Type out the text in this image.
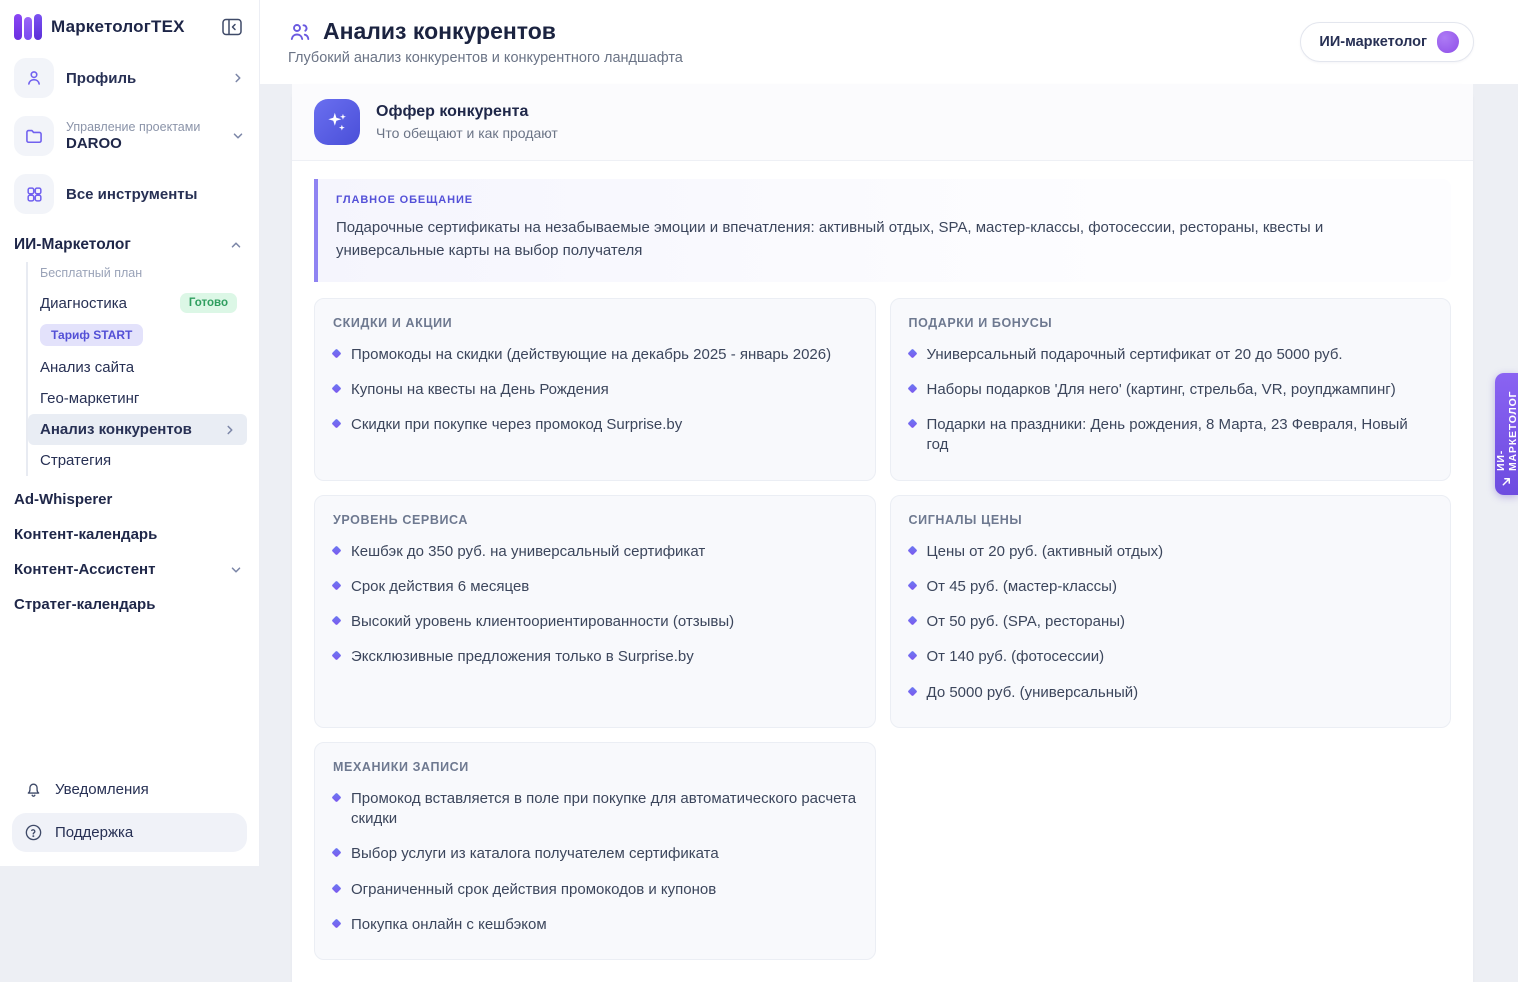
МаркетологТЕХ
Профиль
Управление проектами
DAROO
Все инструменты
ИИ-Маркетолог
Бесплатный план
Диагностика	Готово
Тариф START
Анализ сайта
Гео-маркетинг
Анализ конкурентов
Стратегия
Ad-Whisperer
Контент-календарь
Контент-Ассистент
Стратег-календарь
Уведомления
Поддержка
Анализ конкурентов
Глубокий анализ конкурентов и конкурентного ландшафта
ИИ-маркетолог
Оффер конкурента
Что обещают и как продают
ГЛАВНОЕ ОБЕЩАНИЕ
Подарочные сертификаты на незабываемые эмоции и впечатления: активный отдых, SPA, мастер-классы, фотосессии, рестораны, квесты и универсальные карты на выбор получателя
СКИДКИ И АКЦИИ
Промокоды на скидки (действующие на декабрь 2025 - январь 2026)
Купоны на квесты на День Рождения
Скидки при покупке через промокод Surprise.by
ПОДАРКИ И БОНУСЫ
Универсальный подарочный сертификат от 20 до 5000 руб.
Наборы подарков 'Для него' (картинг, стрельба, VR, роупджампинг)
Подарки на праздники: День рождения, 8 Марта, 23 Февраля, Новый год
УРОВЕНЬ СЕРВИСА
Кешбэк до 350 руб. на универсальный сертификат
Срок действия 6 месяцев
Высокий уровень клиентоориентированности (отзывы)
Эксклюзивные предложения только в Surprise.by
СИГНАЛЫ ЦЕНЫ
Цены от 20 руб. (активный отдых)
От 45 руб. (мастер-классы)
От 50 руб. (SPA, рестораны)
От 140 руб. (фотосессии)
До 5000 руб. (универсальный)
МЕХАНИКИ ЗАПИСИ
Промокод вставляется в поле при покупке для автоматического расчета скидки
Выбор услуги из каталога получателем сертификата
Ограниченный срок действия промокодов и купонов
Покупка онлайн с кешбэком
ИИ-МАРКЕТОЛОГ
